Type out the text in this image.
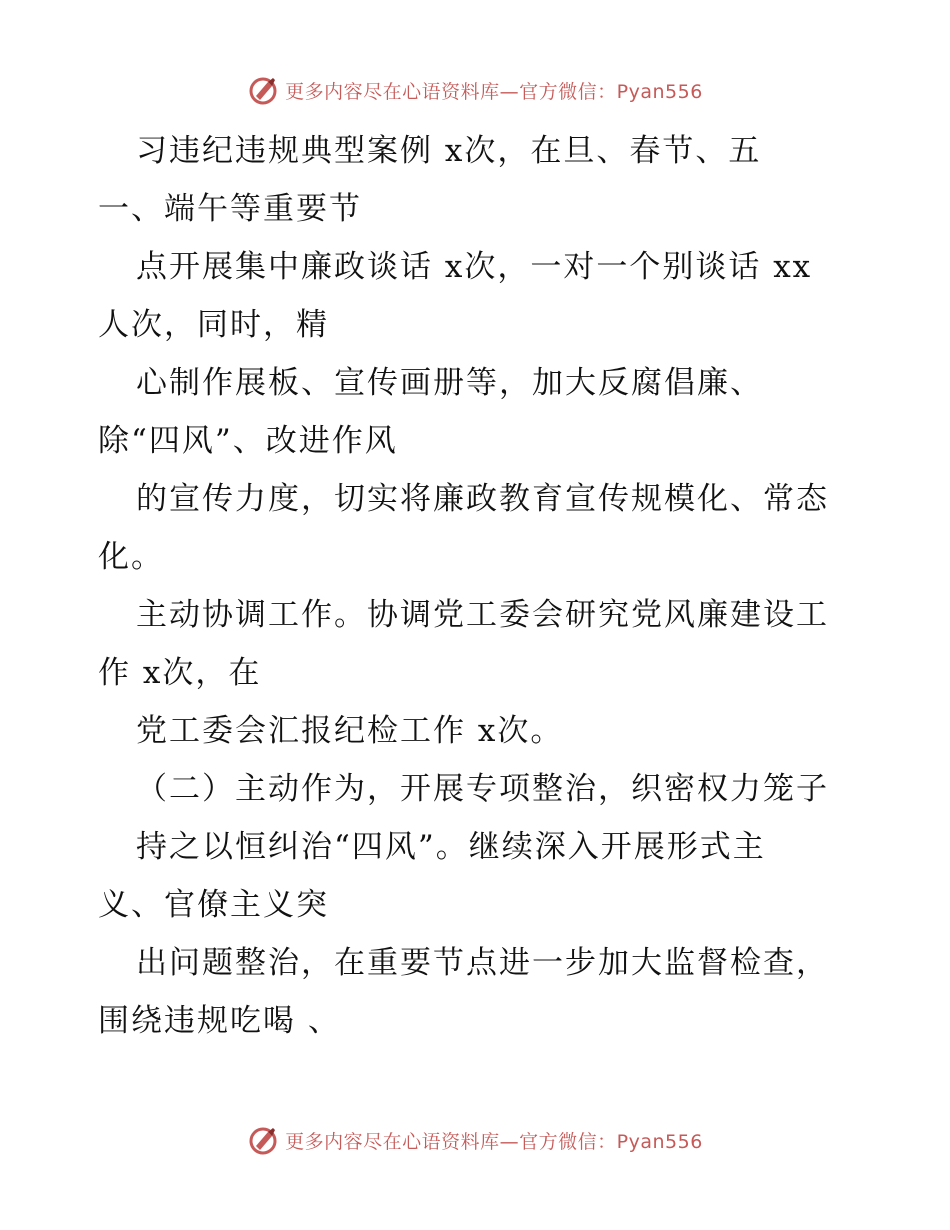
更多内容尽在心语资料库—官方微信：Pyan556
习违纪违规典型案例 x次，在旦、春节、五
一、端午等重要节
点开展集中廉政谈话 x次，一对一个别谈话 xx
人次，同时，精
心制作展板、宣传画册等，加大反腐倡廉、
除“四风”、改进作风
的宣传力度，切实将廉政教育宣传规模化、常态
化。
主动协调工作。协调党工委会研究党风廉建设工
作 x次，在
党工委会汇报纪检工作 x次。
（二）主动作为，开展专项整治，织密权力笼子
持之以恒纠治“四风”。继续深入开展形式主
义、官僚主义突
出问题整治，在重要节点进一步加大监督检查，
围绕违规吃喝 、
更多内容尽在心语资料库—官方微信：Pyan556
